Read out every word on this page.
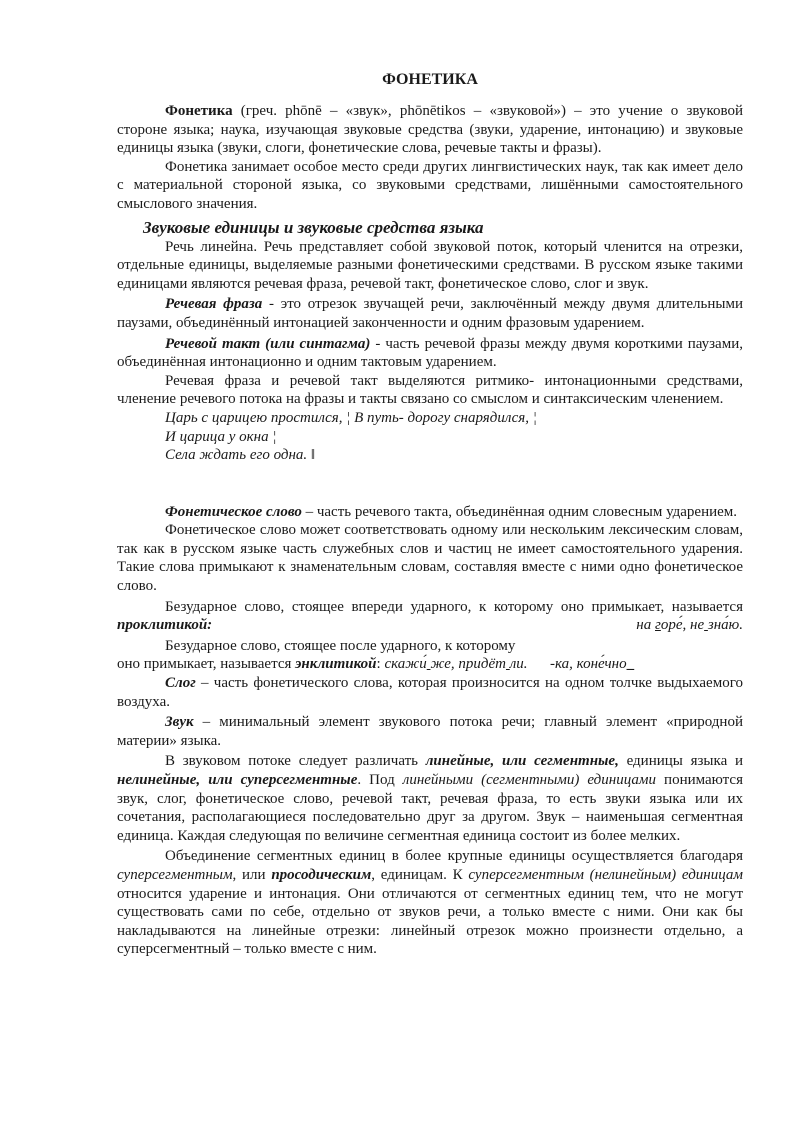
ФОНЕТИКА

Фонетика (греч. phōnē – «звук», phōnētikos – «звуковой») – это учение о звуковой стороне языка; наука, изучающая звуковые средства (звуки, ударение, интонацию) и звуковые единицы языка (звуки, слоги, фонетические слова, речевые такты и фразы).

Фонетика занимает особое место среди других лингвистических наук, так как имеет дело с материальной стороной языка, со звуковыми средствами, лишёнными самостоятельного смыслового значения.

Звуковые единицы и звуковые средства языка

Речь линейна. Речь представляет собой звуковой поток, который членится на отрезки, отдельные единицы, выделяемые разными фонетическими средствами. В русском языке такими единицами являются речевая фраза, речевой такт, фонетическое слово, слог и звук.

Речевая фраза - это отрезок звучащей речи, заключённый между двумя длительными паузами, объединённый интонацией законченности и одним фразовым ударением.

Речевой такт (или синтагма) - часть речевой фразы между двумя короткими паузами, объединённая интонационно и одним тактовым ударением.

Речевая фраза и речевой такт выделяются ритмико- интонационными средствами, членение речевого потока на фразы и такты связано со смыслом и синтаксическим членением.

Царь с царицею простился, ¦ В путь- дорогу снарядился, ¦
И царица у окна ¦
Села ждать его одна. ‖

Фонетическое слово – часть речевого такта, объединённая одним словесным ударением.

Фонетическое слово может соответствовать одному или нескольким лексическим словам, так как в русском языке часть служебных слов и частиц не имеет самостоятельного ударения. Такие слова примыкают к знаменательным словам, составляя вместе с ними одно фонетическое слово.

Безударное слово, стоящее впереди ударного, к которому оно примыкает, называется проклитикой:	на горе́, не зна́ю.

Безударное слово, стоящее после ударного, к которому

оно примыкает, называется энклитикой: скажи́ же, придёт ли. -ка, коне́чно_

Слог – часть фонетического слова, которая произносится на одном толчке выдыхаемого воздуха.

Звук – минимальный элемент звукового потока речи; главный элемент «природной материи» языка.

В звуковом потоке следует различать линейные, или сегментные, единицы языка и нелинейные, или суперсегментные. Под линейными (сегментными) единицами понимаются звук, слог, фонетическое слово, речевой такт, речевая фраза, то есть звуки языка или их сочетания, располагающиеся последовательно друг за другом. Звук – наименьшая сегментная единица. Каждая следующая по величине сегментная единица состоит из более мелких.

Объединение сегментных единиц в более крупные единицы осуществляется благодаря суперсегментным, или просодическим, единицам. К суперсегментным (нелинейным) единицам относится ударение и интонация. Они отличаются от сегментных единиц тем, что не могут существовать сами по себе, отдельно от звуков речи, а только вместе с ними. Они как бы накладываются на линейные отрезки: линейный отрезок можно произнести отдельно, а суперсегментный – только вместе с ним.
